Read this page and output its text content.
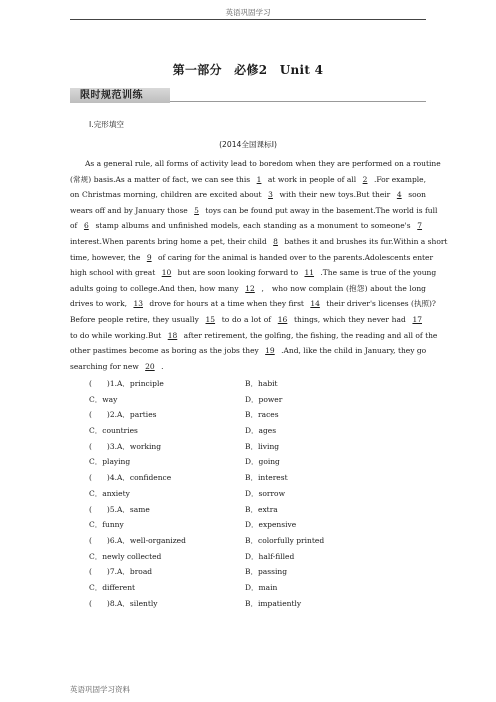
英语巩固学习
第一部分　必修2　Unit 4
限时规范训练
Ⅰ.完形填空
(2014全国课标Ⅰ)
　　As a general rule, all forms of activity lead to boredom when they are performed on a routine
(常规) basis.As a matter of fact, we can see this 1 at work in people of all 2 .For example,
on Christmas morning, children are excited about 3 with their new toys.But their 4 soon
wears off and by January those 5 toys can be found put away in the basement.The world is full
of 6 stamp albums and unfinished models, each standing as a monument to someone's 7
interest.When parents bring home a pet, their child 8 bathes it and brushes its fur.Within a short
time, however, the 9 of caring for the animal is handed over to the parents.Adolescents enter
high school with great 10 but are soon looking forward to 11 .The same is true of the young
adults going to college.And then, how many 12 ,　who now complain (抱怨) about the long
drives to work, 13 drove for hours at a time when they first 14 their driver's licenses (执照)?
Before people retire, they usually 15 to do a lot of 16 things, which they never had 17
to do while working.But 18 after retirement, the golfing, the fishing, the reading and all of the
other pastimes become as boring as the jobs they 19 .And, like the child in January, they go
searching for new 20 .
(　　)1.A．principle	B．habit
C．way	D．power
(　　)2.A．parties	B．races
C．countries	D．ages
(　　)3.A．working	B．living
C．playing	D．going
(　　)4.A．confidence	B．interest
C．anxiety	D．sorrow
(　　)5.A．same	B．extra
C．funny	D．expensive
(　　)6.A．well-organized	B．colorfully printed
C．newly collected	D．half-filled
(　　)7.A．broad	B．passing
C．different	D．main
(　　)8.A．silently	B．impatiently
英语巩固学习资料
